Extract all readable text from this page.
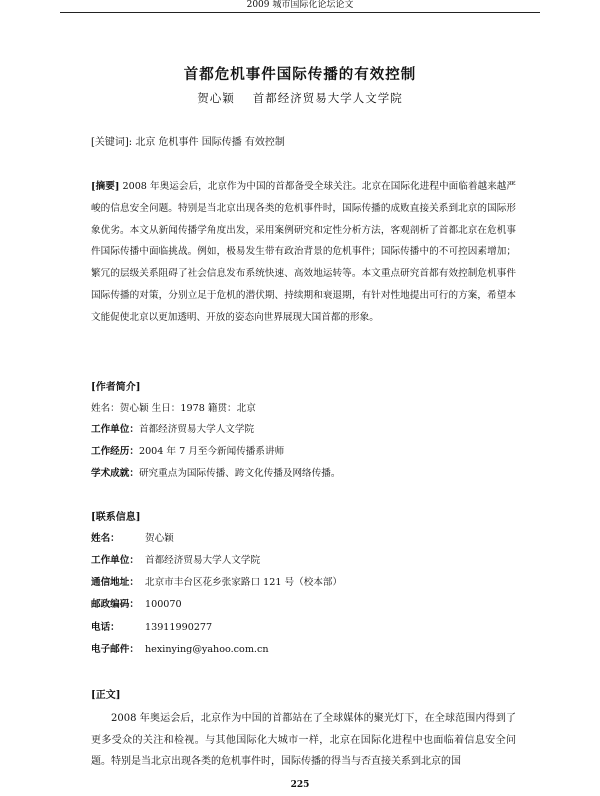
2009 城市国际化论坛论文
首都危机事件国际传播的有效控制
贺心颖 首都经济贸易大学人文学院
[关键词]: 北京 危机事件 国际传播 有效控制
[摘要] 2008 年奥运会后，北京作为中国的首都备受全球关注。北京在国际化进程中面临着越来越严峻的信息安全问题。特别是当北京出现各类的危机事件时，国际传播的成败直接关系到北京的国际形象优劣。本文从新闻传播学角度出发，采用案例研究和定性分析方法，客观剖析了首都北京在危机事件国际传播中面临挑战。例如，极易发生带有政治背景的危机事件；国际传播中的不可控因素增加；繁冗的层级关系阻碍了社会信息发布系统快速、高效地运转等。本文重点研究首都有效控制危机事件国际传播的对策，分别立足于危机的潜伏期、持续期和衰退期，有针对性地提出可行的方案，希望本文能促使北京以更加透明、开放的姿态向世界展现大国首都的形象。
[作者简介]
姓名：贺心颖 生日：1978 籍贯：北京
工作单位：首都经济贸易大学人文学院
工作经历：2004 年 7 月至今新闻传播系讲师
学术成就：研究重点为国际传播、跨文化传播及网络传播。
[联系信息]
姓名：	贺心颖
工作单位： 首都经济贸易大学人文学院
通信地址： 北京市丰台区花乡张家路口 121 号（校本部）
邮政编码： 100070
电话：	13911990277
电子邮件： hexinying@yahoo.com.cn
[正文]
2008 年奥运会后，北京作为中国的首都站在了全球媒体的聚光灯下，在全球范围内得到了更多受众的关注和检视。与其他国际化大城市一样，北京在国际化进程中也面临着信息安全问题。特别是当北京出现各类的危机事件时，国际传播的得当与否直接关系到北京的国
225
